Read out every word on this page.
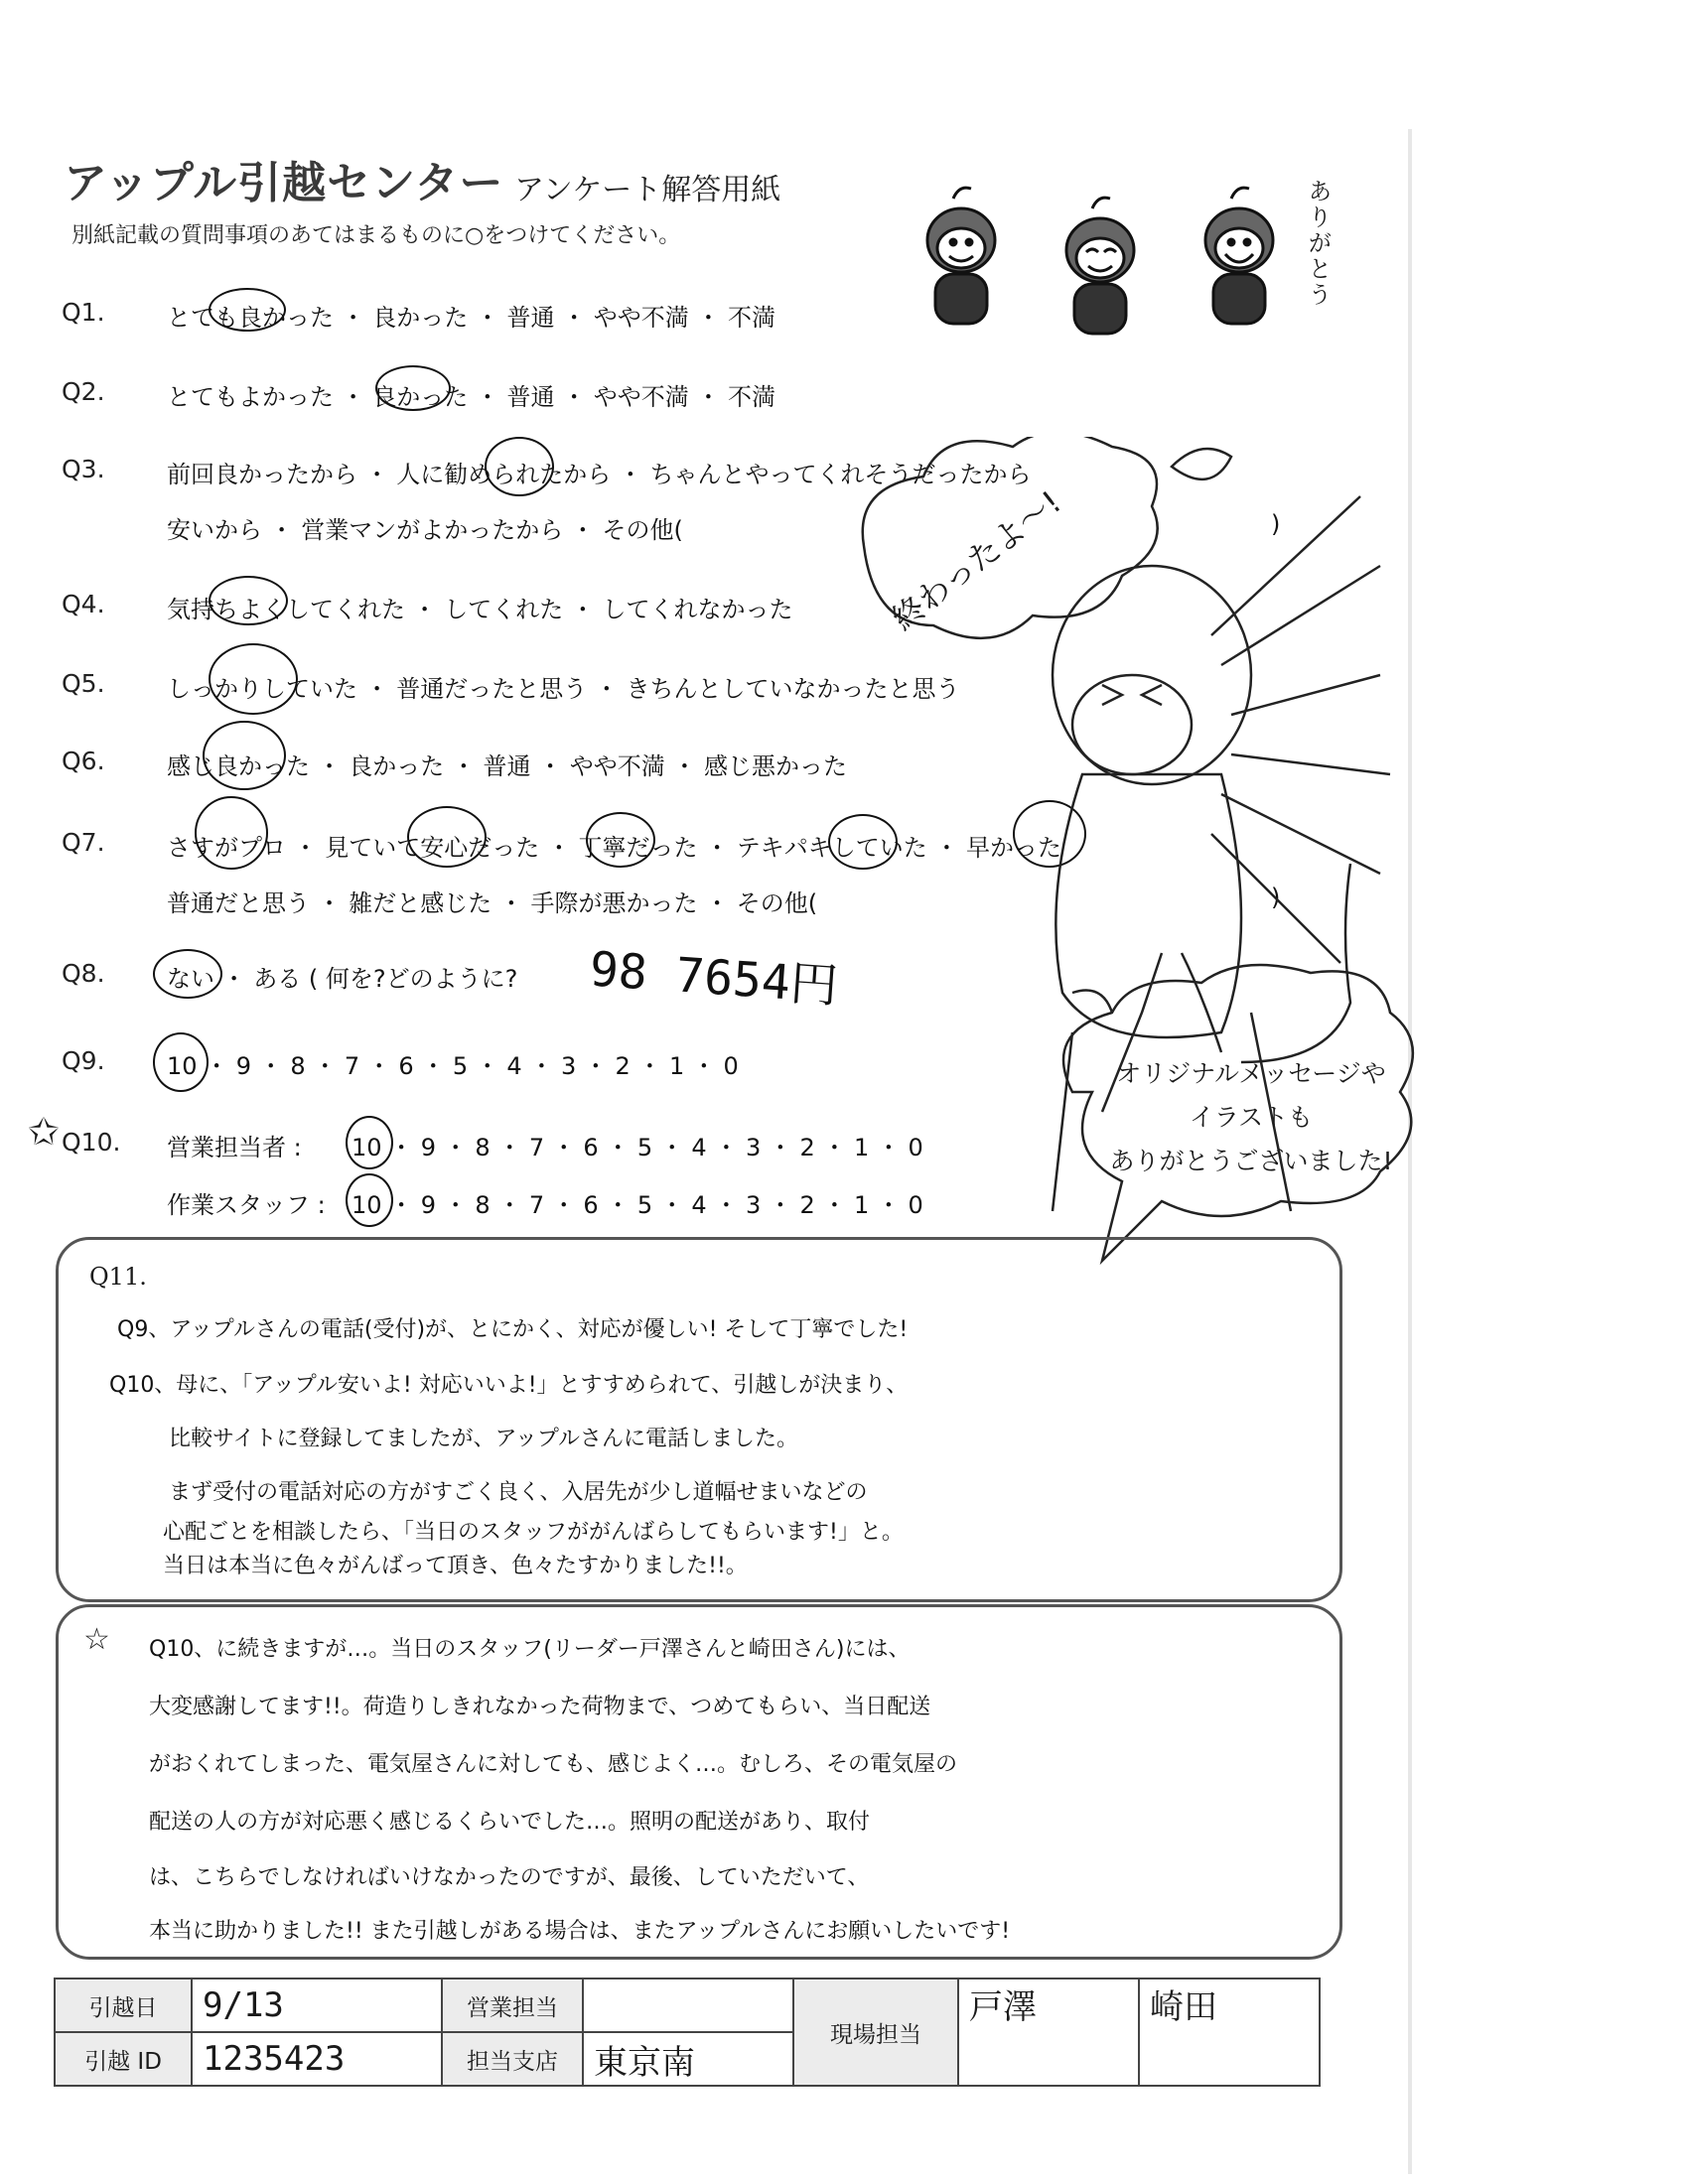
アップル引越センター アンケート解答用紙
別紙記載の質問事項のあてはまるものに○をつけてください。	ありがとう
Q1.	とても良かった ・ 良かった ・ 普通 ・ やや不満 ・ 不満
Q2.	とてもよかった ・ 良かった ・ 普通 ・ やや不満 ・ 不満
Q3.	前回良かったから ・ 人に勧められたから ・ ちゃんとやってくれそうだったから
安いから ・ 営業マンがよかったから ・ その他(	)
Q4.	気持ちよくしてくれた ・ してくれた ・ してくれなかった
Q5.	しっかりしていた ・ 普通だったと思う ・ きちんとしていなかったと思う
Q6.	感じ良かった ・ 良かった ・ 普通 ・ やや不満 ・ 感じ悪かった
Q7.	さすがプロ ・ 見ていて安心だった ・ 丁寧だった ・ テキパキしていた ・ 早かった
普通だと思う ・ 雑だと感じた ・ 手際が悪かった ・ その他(	)
Q8.	ない ・ ある ( 何を?どのように? 98 7654円
Q9.	10 ・ 9 ・ 8 ・ 7 ・ 6 ・ 5 ・ 4 ・ 3 ・ 2 ・ 1 ・ 0
Q10.
✩	営業担当者 : 10 ・ 9 ・ 8 ・ 7 ・ 6 ・ 5 ・ 4 ・ 3 ・ 2 ・ 1 ・ 0
作業スタッフ : 10 ・ 9 ・ 8 ・ 7 ・ 6 ・ 5 ・ 4 ・ 3 ・ 2 ・ 1 ・ 0
終わったよ〜!
オリジナルメッセージや
イラストも
ありがとうございました!
Q11.
Q9、アップルさんの電話(受付)が、とにかく、対応が優しい! そして丁寧でした!
Q10、母に、「アップル安いよ! 対応いいよ!」とすすめられて、引越しが決まり、
比較サイトに登録してましたが、アップルさんに電話しました。
まず受付の電話対応の方がすごく良く、入居先が少し道幅せまいなどの
心配ごとを相談したら、「当日のスタッフががんばらしてもらいます!」と。
当日は本当に色々がんばって頂き、色々たすかりました!!。
☆ Q10、に続きますが…。当日のスタッフ(リーダー戸澤さんと崎田さん)には、
大変感謝してます!!。荷造りしきれなかった荷物まで、つめてもらい、当日配送
がおくれてしまった、電気屋さんに対しても、感じよく…。むしろ、その電気屋の
配送の人の方が対応悪く感じるくらいでした…。照明の配送があり、取付
は、こちらでしなければいけなかったのですが、最後、していただいて、
本当に助かりました!! また引越しがある場合は、またアップルさんにお願いしたいです!
引越日	9/13	営業担当		現場担当	戸澤	崎田
引越 ID	1235423	担当支店	東京南			
